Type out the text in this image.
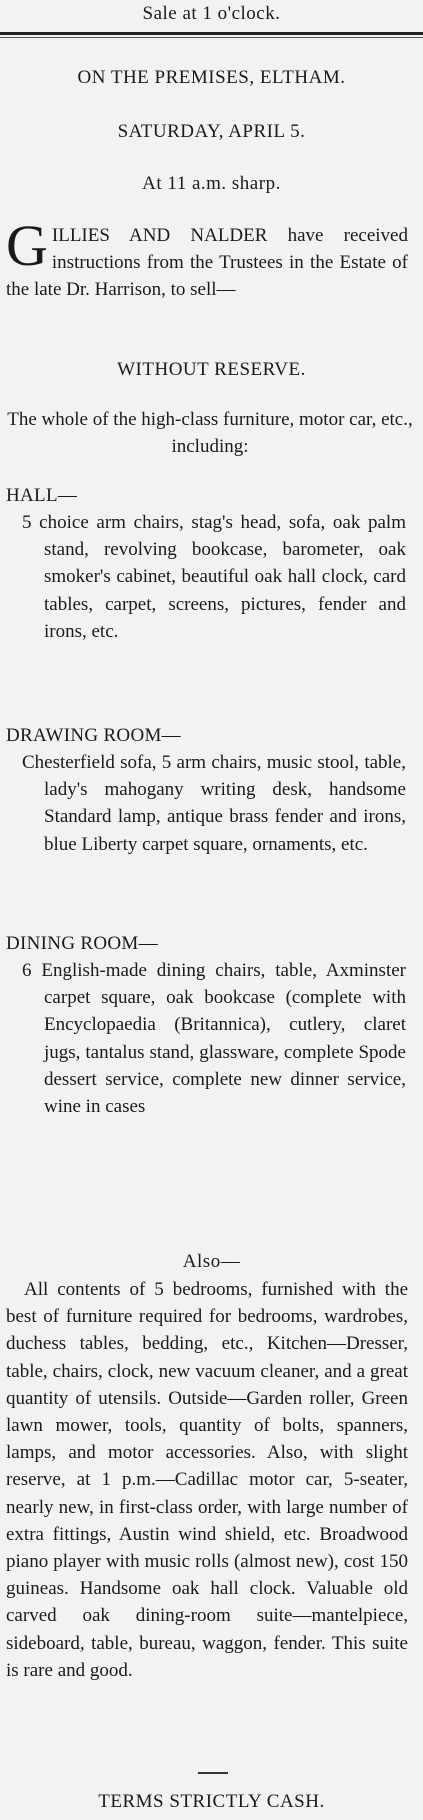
Sale at 1 o'clock.
ON THE PREMISES, ELTHAM.
SATURDAY, APRIL 5.
At 11 a.m. sharp.
G ILLIES AND NALDER have received instructions from the Trustees in the Estate of the late Dr. Harrison, to sell—
WITHOUT RESERVE.
The whole of the high-class furniture, motor car, etc., including:
HALL—

5 choice arm chairs, stag's head, sofa, oak palm stand, revolving bookcase, barometer, oak smoker's cabinet, beautiful oak hall clock, card tables, carpet, screens, pictures, fender and irons, etc.

DRAWING ROOM—

Chesterfield sofa, 5 arm chairs, music stool, table, lady's mahogany writing desk, handsome Standard lamp, antique brass fender and irons, blue Liberty carpet square, ornaments, etc.

DINING ROOM—

6 English-made dining chairs, table, Axminster carpet square, oak bookcase (complete with Encyclopaedia (Britannica), cutlery, claret jugs, tantalus stand, glassware, complete Spode dessert service, complete new dinner service, wine in cases

Also—

All contents of 5 bedrooms, furnished with the best of furniture required for bedrooms, wardrobes, duchess tables, bedding, etc., Kitchen—Dresser, table, chairs, clock, new vacuum cleaner, and a great quantity of utensils. Outside—Garden roller, Green lawn mower, tools, quantity of bolts, spanners, lamps, and motor accessories. Also, with slight reserve, at 1 p.m.—Cadillac motor car, 5-seater, nearly new, in first-class order, with large number of extra fittings, Austin wind shield, etc. Broadwood piano player with music rolls (almost new), cost 150 guineas. Handsome oak hall clock. Valuable old carved oak dining-room suite—mantelpiece, sideboard, table, bureau, waggon, fender. This suite is rare and good.

TERMS STRICTLY CASH.
